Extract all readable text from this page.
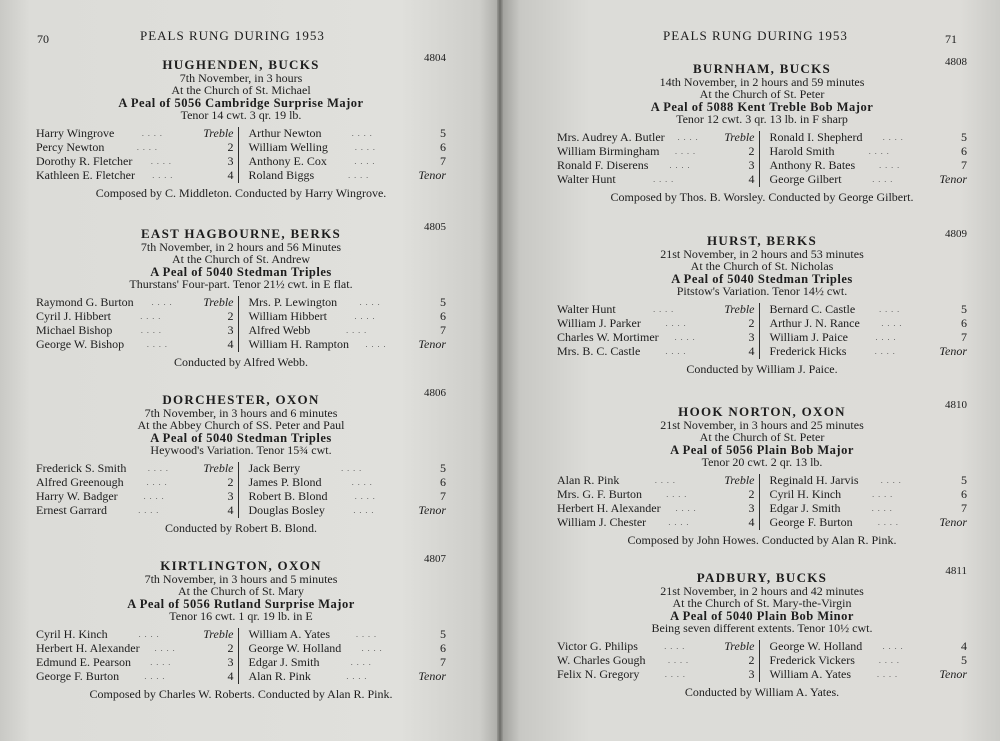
70	PEALS RUNG DURING 1953	PEALS RUNG DURING 1953	71
HUGHENDEN, BUCKS	4804
7th November, in 3 hours
At the Church of St. Michael
A Peal of 5056 Cambridge Surprise Major
Tenor 14 cwt. 3 qr. 19 lb.
Harry Wingrove	....	Treble
Percy Newton	....	2
Dorothy R. Fletcher	....	3
Kathleen E. Fletcher	....	4
Arthur Newton	....	5
William Welling	....	6
Anthony E. Cox	....	7
Roland Biggs	....	Tenor
Composed by C. Middleton. Conducted by Harry Wingrove.
EAST HAGBOURNE, BERKS	4805
7th November, in 2 hours and 56 Minutes
At the Church of St. Andrew
A Peal of 5040 Stedman Triples
Thurstans' Four-part. Tenor 21½ cwt. in E flat.
Raymond G. Burton	....	Treble
Cyril J. Hibbert	....	2
Michael Bishop	....	3
George W. Bishop	....	4
Mrs. P. Lewington	....	5
William Hibbert	....	6
Alfred Webb	....	7
William H. Rampton	....	Tenor
Conducted by Alfred Webb.
DORCHESTER, OXON	4806
7th November, in 3 hours and 6 minutes
At the Abbey Church of SS. Peter and Paul
A Peal of 5040 Stedman Triples
Heywood's Variation. Tenor 15¾ cwt.
Frederick S. Smith	....	Treble
Alfred Greenough	....	2
Harry W. Badger	....	3
Ernest Garrard	....	4
Jack Berry	....	5
James P. Blond	....	6
Robert B. Blond	....	7
Douglas Bosley	....	Tenor
Conducted by Robert B. Blond.
KIRTLINGTON, OXON	4807
7th November, in 3 hours and 5 minutes
At the Church of St. Mary
A Peal of 5056 Rutland Surprise Major
Tenor 16 cwt. 1 qr. 19 lb. in E
Cyril H. Kinch	....	Treble
Herbert H. Alexander	....	2
Edmund E. Pearson	....	3
George F. Burton	....	4
William A. Yates	....	5
George W. Holland	....	6
Edgar J. Smith	....	7
Alan R. Pink	....	Tenor
Composed by Charles W. Roberts. Conducted by Alan R. Pink.
BURNHAM, BUCKS	4808
14th November, in 2 hours and 59 minutes
At the Church of St. Peter
A Peal of 5088 Kent Treble Bob Major
Tenor 12 cwt. 3 qr. 13 lb. in F sharp
Mrs. Audrey A. Butler	....	Treble
William Birmingham	....	2
Ronald F. Diserens	....	3
Walter Hunt	....	4
Ronald I. Shepherd	....	5
Harold Smith	....	6
Anthony R. Bates	....	7
George Gilbert	....	Tenor
Composed by Thos. B. Worsley. Conducted by George Gilbert.
HURST, BERKS	4809
21st November, in 2 hours and 53 minutes
At the Church of St. Nicholas
A Peal of 5040 Stedman Triples
Pitstow's Variation. Tenor 14½ cwt.
Walter Hunt	....	Treble
William J. Parker	....	2
Charles W. Mortimer	....	3
Mrs. B. C. Castle	....	4
Bernard C. Castle	....	5
Arthur J. N. Rance	....	6
William J. Paice	....	7
Frederick Hicks	....	Tenor
Conducted by William J. Paice.
HOOK NORTON, OXON	4810
21st November, in 3 hours and 25 minutes
At the Church of St. Peter
A Peal of 5056 Plain Bob Major
Tenor 20 cwt. 2 qr. 13 lb.
Alan R. Pink	....	Treble
Mrs. G. F. Burton	....	2
Herbert H. Alexander	....	3
William J. Chester	....	4
Reginald H. Jarvis	....	5
Cyril H. Kinch	....	6
Edgar J. Smith	....	7
George F. Burton	....	Tenor
Composed by John Howes. Conducted by Alan R. Pink.
PADBURY, BUCKS	4811
21st November, in 2 hours and 42 minutes
At the Church of St. Mary-the-Virgin
A Peal of 5040 Plain Bob Minor
Being seven different extents. Tenor 10½ cwt.
Victor G. Philips	....	Treble
W. Charles Gough	....	2
Felix N. Gregory	....	3
George W. Holland	....	4
Frederick Vickers	....	5
William A. Yates	....	Tenor
Conducted by William A. Yates.
